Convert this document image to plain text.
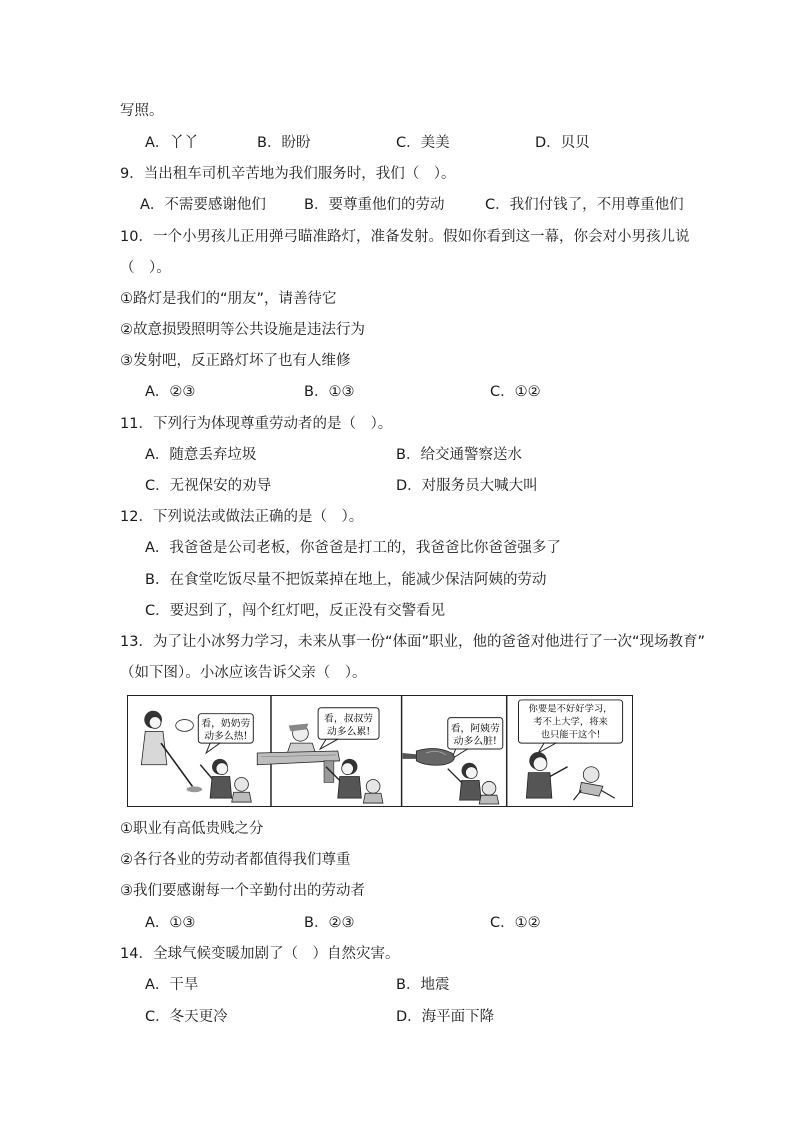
写照。
A．丫丫	B．盼盼	C．美美	D．贝贝
9．当出租车司机辛苦地为我们服务时，我们（　）。
A．不需要感谢他们	B．要尊重他们的劳动	C．我们付钱了，不用尊重他们
10．一个小男孩儿正用弹弓瞄准路灯，准备发射。假如你看到这一幕，你会对小男孩儿说
（　）。
①路灯是我们的“朋友”，请善待它
②故意损毁照明等公共设施是违法行为
③发射吧，反正路灯坏了也有人维修
A．②③	B．①③	C．①②
11．下列行为体现尊重劳动者的是（　）。
A．随意丢弃垃圾	B．给交通警察送水
C．无视保安的劝导	D．对服务员大喊大叫
12．下列说法或做法正确的是（　）。
A．我爸爸是公司老板，你爸爸是打工的，我爸爸比你爸爸强多了
B．在食堂吃饭尽量不把饭菜掉在地上，能减少保洁阿姨的劳动
C．要迟到了，闯个红灯吧，反正没有交警看见
13．为了让小冰努力学习，未来从事一份“体面”职业，他的爸爸对他进行了一次“现场教育”
（如下图）。小冰应该告诉父亲（　）。
看，奶奶劳
动多么热!
看，叔叔劳
动多么累!	看，阿姨劳
动多么脏!
你要是不好好学习，
考不上大学，将来
也只能干这个!
①职业有高低贵贱之分
②各行各业的劳动者都值得我们尊重
③我们要感谢每一个辛勤付出的劳动者
A．①③	B．②③	C．①②
14．全球气候变暖加剧了（　）自然灾害。
A．干旱	B．地震
C．冬天更冷	D．海平面下降
